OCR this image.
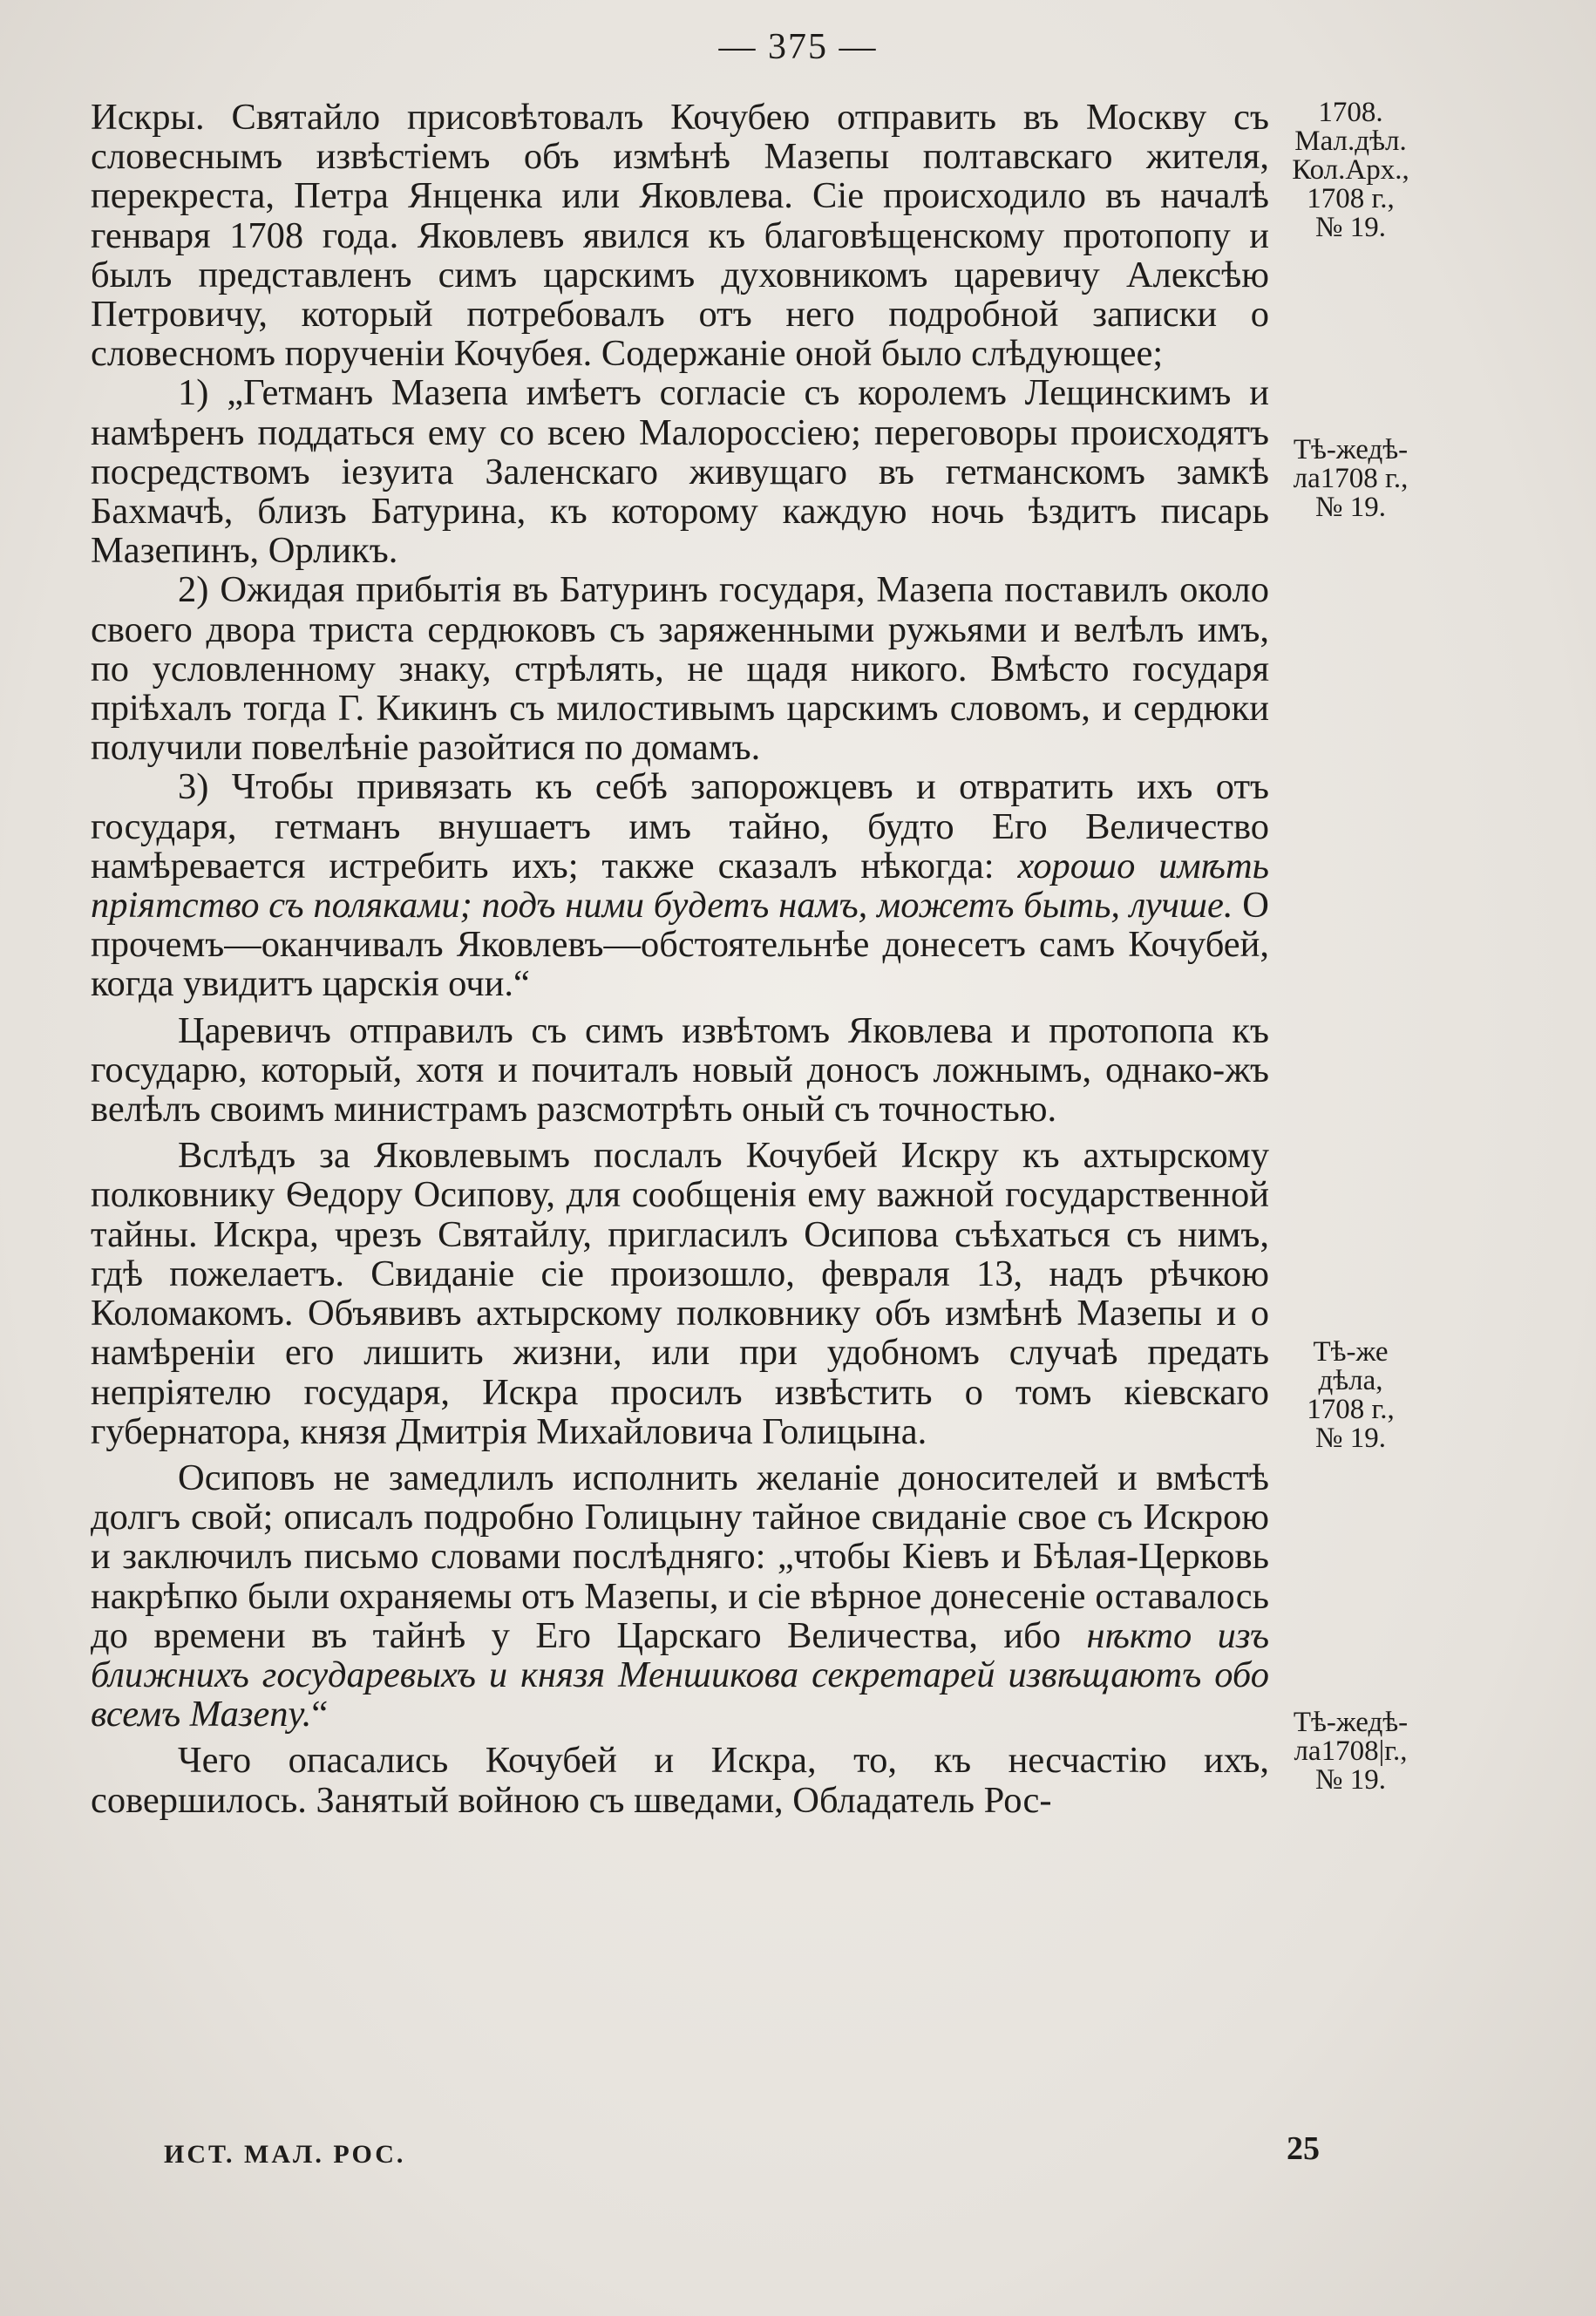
— 375 —

Искры. Святайло присовѣтовалъ Кочубею отправить въ Москву съ словеснымъ извѣстіемъ объ измѣнѣ Мазепы полтавскаго жителя, перекреста, Петра Янценка или Яковлева. Сіе происходило въ началѣ генваря 1708 года. Яковлевъ явился къ благовѣщенскому протопопу и былъ представленъ симъ царскимъ духовникомъ царевичу Алексѣю Петровичу, который потребовалъ отъ него подробной записки о словесномъ порученіи Кочубея. Содержаніе оной было слѣдующее;

1) „Гетманъ Мазепа имѣетъ согласіе съ королемъ Лещинскимъ и намѣренъ поддаться ему со всею Малороссіею; переговоры происходятъ посредствомъ іезуита Заленскаго живущаго въ гетманскомъ замкѣ Бахмачѣ, близъ Батурина, къ которому каждую ночь ѣздитъ писарь Мазепинъ, Орликъ.

2) Ожидая прибытія въ Батуринъ государя, Мазепа поставилъ около своего двора триста сердюковъ съ заряженными ружьями и велѣлъ имъ, по условленному знаку, стрѣлять, не щадя никого. Вмѣсто государя пріѣхалъ тогда Г. Кикинъ съ милостивымъ царскимъ словомъ, и сердюки получили повелѣніе разойтися по домамъ.

3) Чтобы привязать къ себѣ запорожцевъ и отвратить ихъ отъ государя, гетманъ внушаетъ имъ тайно, будто Его Величество намѣревается истребить ихъ; также сказалъ нѣкогда: хорошо имѣть пріятство съ поляками; подъ ними будетъ намъ, можетъ быть, лучше. О прочемъ—оканчивалъ Яковлевъ—обстоятельнѣе донесетъ самъ Кочубей, когда увидитъ царскія очи.“

Царевичъ отправилъ съ симъ извѣтомъ Яковлева и протопопа къ государю, который, хотя и почиталъ новый доносъ ложнымъ, однако-жъ велѣлъ своимъ министрамъ разсмотрѣть оный съ точностью.

Вслѣдъ за Яковлевымъ послалъ Кочубей Искру къ ахтырскому полковнику Ѳедору Осипову, для сообщенія ему важной государственной тайны. Искра, чрезъ Святайлу, пригласилъ Осипова съѣхаться съ нимъ, гдѣ пожелаетъ. Свиданіе сіе произошло, февраля 13, надъ рѣчкою Коломакомъ. Объявивъ ахтырскому полковнику объ измѣнѣ Мазепы и о намѣреніи его лишить жизни, или при удобномъ случаѣ предать непріятелю государя, Искра просилъ извѣстить о томъ кіевскаго губернатора, князя Дмитрія Михайловича Голицына.

Осиповъ не замедлилъ исполнить желаніе доносителей и вмѣстѣ долгъ свой; описалъ подробно Голицыну тайное свиданіе свое съ Искрою и заключилъ письмо словами послѣдняго: „чтобы Кіевъ и Бѣлая-Церковь накрѣпко были охраняемы отъ Мазепы, и сіе вѣрное донесеніе оставалось до времени въ тайнѣ у Его Царскаго Величества, ибо нѣкто изъ ближнихъ государевыхъ и князя Меншикова секретарей извѣщаютъ обо всемъ Мазепу.“

Чего опасались Кочубей и Искра, то, къ несчастію ихъ, совершилось. Занятый войною съ шведами, Обладатель Рос-

1708.
Мал.дѣл.
Кол.Арх.,
1708 г.,
№ 19.
Тѣ-жедѣ-
ла1708 г.,
№ 19.
Тѣ-же
дѣла,
1708 г.,
№ 19.
Тѣ-жедѣ-
ла1708|г.,
№ 19.
ИСТ. МАЛ. РОС.	25
